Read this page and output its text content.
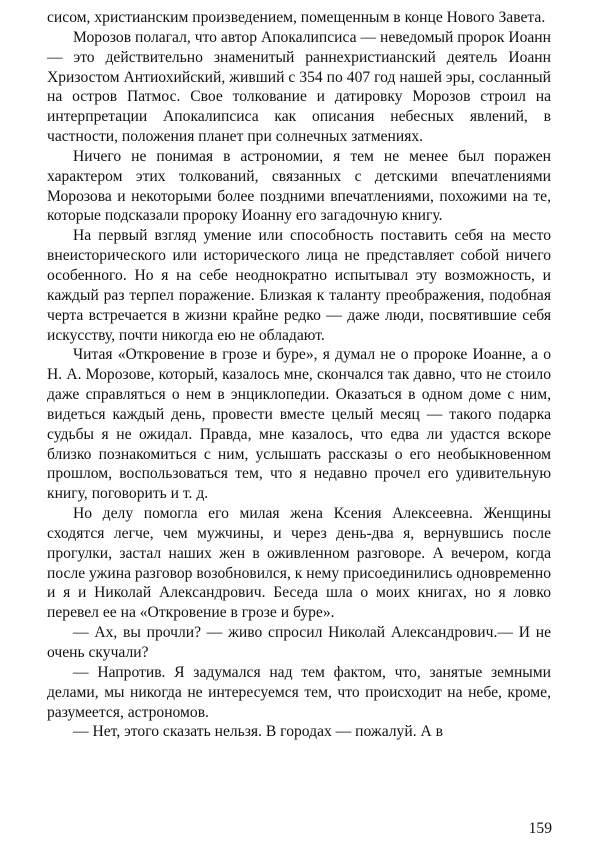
сисом, христианским произведением, помещенным в конце Нового Завета.

Морозов полагал, что автор Апокалипсиса — неведомый пророк Иоанн — это действительно знаменитый раннехристианский деятель Иоанн Хризостом Антиохийский, живший с 354 по 407 год нашей эры, сосланный на остров Патмос. Свое толкование и датировку Морозов строил на интерпретации Апокалипсиса как описания небесных явлений, в частности, положения планет при солнечных затмениях.

Ничего не понимая в астрономии, я тем не менее был поражен характером этих толкований, связанных с детскими впечатлениями Морозова и некоторыми более поздними впечатлениями, похожими на те, которые подсказали пророку Иоанну его загадочную книгу.

На первый взгляд умение или способность поставить себя на место внеисторического или исторического лица не представляет собой ничего особенного. Но я на себе неоднократно испытывал эту возможность, и каждый раз терпел поражение. Близкая к таланту преображения, подобная черта встречается в жизни крайне редко — даже люди, посвятившие себя искусству, почти никогда ею не обладают.

Читая «Откровение в грозе и буре», я думал не о пророке Иоанне, а о Н. А. Морозове, который, казалось мне, скончался так давно, что не стоило даже справляться о нем в энциклопедии. Оказаться в одном доме с ним, видеться каждый день, провести вместе целый месяц — такого подарка судьбы я не ожидал. Правда, мне казалось, что едва ли удастся вскоре близко познакомиться с ним, услышать рассказы о его необыкновенном прошлом, воспользоваться тем, что я недавно прочел его удивительную книгу, поговорить и т. д.

Но делу помогла его милая жена Ксения Алексеевна. Женщины сходятся легче, чем мужчины, и через день-два я, вернувшись после прогулки, застал наших жен в оживленном разговоре. А вечером, когда после ужина разговор возобновился, к нему присоединились одновременно и я и Николай Александрович. Беседа шла о моих книгах, но я ловко перевел ее на «Откровение в грозе и буре».

— Ах, вы прочли? — живо спросил Николай Александрович.— И не очень скучали?

— Напротив. Я задумался над тем фактом, что, занятые земными делами, мы никогда не интересуемся тем, что происходит на небе, кроме, разумеется, астрономов.

— Нет, этого сказать нельзя. В городах — пожалуй. А в

159
